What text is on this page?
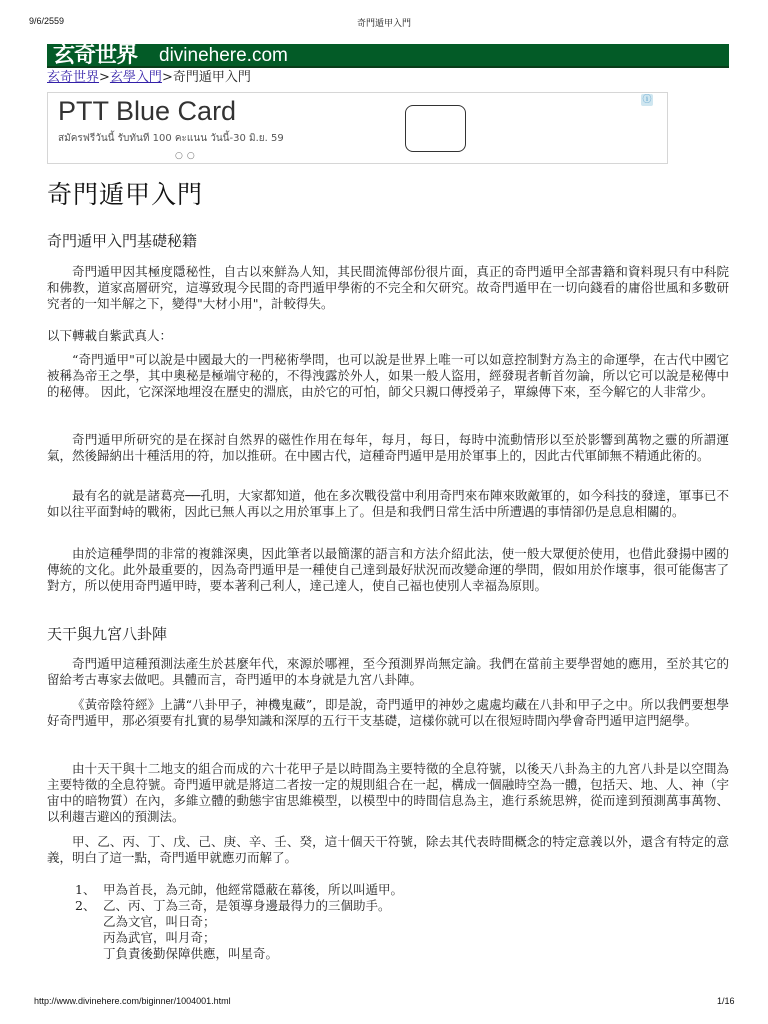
9/6/2559	奇門遁甲入門
玄奇世界 divinehere.com
玄奇世界>玄學入門>奇門遁甲入門
PTT Blue Card
สมัครฟรีวันนี้ รับทันที 100 คะแนน วันนี้-30 มิ.ย. 59
○○
ⓘ
奇門遁甲入門
奇門遁甲入門基礎秘籍

奇門遁甲因其極度隱秘性，自古以來鮮為人知，其民間流傳部份很片面，真正的奇門遁甲全部書籍和資料現只有中科院和佛教，道家高層研究，這導致現今民間的奇門遁甲學術的不完全和欠研究。故奇門遁甲在一切向錢看的庸俗世風和多數研究者的一知半解之下，變得"大材小用"，計較得失。

以下轉載自紫武真人：

“奇門遁甲"可以說是中國最大的一門秘術學問，也可以說是世界上唯一可以如意控制對方為主的命運學，在古代中國它被稱為帝王之學，其中奧秘是極端守秘的，不得洩露於外人，如果一般人盜用，經發現者斬首勿論，所以它可以說是秘傳中的秘傳。 因此，它深深地埋沒在歷史的淵底，由於它的可怕，師父只親口傳授弟子，單線傳下來，至今解它的人非常少。

奇門遁甲所研究的是在探討自然界的磁性作用在每年，每月，每日，每時中流動情形以至於影響到萬物之靈的所謂運氣，然後歸納出十種活用的符，加以推研。在中國古代，這種奇門遁甲是用於軍事上的，因此古代軍師無不精通此術的。

最有名的就是諸葛亮──孔明，大家都知道，他在多次戰役當中利用奇門來布陣來敗敵軍的，如今科技的發達，軍事已不如以往平面對峙的戰術，因此已無人再以之用於軍事上了。但是和我們日常生活中所遭遇的事情卻仍是息息相關的。

由於這種學問的非常的複雜深奧，因此筆者以最簡潔的語言和方法介紹此法，使一般大眾便於使用，也借此發揚中國的傳統的文化。此外最重要的，因為奇門遁甲是一種使自己達到最好狀況而改變命運的學問，假如用於作壞事，很可能傷害了對方，所以使用奇門遁甲時，要本著利己利人，達己達人，使自己福也使別人幸福為原則。

天干與九宮八卦陣

奇門遁甲這種預測法產生於甚麼年代，來源於哪裡，至今預測界尚無定論。我們在當前主要學習她的應用，至於其它的留給考古專家去做吧。具體而言，奇門遁甲的本身就是九宮八卦陣。

《黃帝陰符經》上講“八卦甲子，神機鬼藏”，即是說，奇門遁甲的神妙之處處均藏在八卦和甲子之中。所以我們要想學好奇門遁甲，那必須要有扎實的易學知識和深厚的五行干支基礎，這樣你就可以在很短時間內學會奇門遁甲這門絕學。

由十天干與十二地支的組合而成的六十花甲子是以時間為主要特徵的全息符號，以後天八卦為主的九宮八卦是以空間為主要特徵的全息符號。奇門遁甲就是將這二者按一定的規則組合在一起，構成一個融時空為一體，包括天、地、人、神（宇宙中的暗物質）在內，多維立體的動態宇宙思維模型，以模型中的時間信息為主，進行系統思辨，從而達到預測萬事萬物、以利趨吉避凶的預測法。

甲、乙、丙、丁、戊、己、庚、辛、壬、癸，這十個天干符號，除去其代表時間概念的特定意義以外，還含有特定的意義，明白了這一點，奇門遁甲就應刃而解了。

1、 甲為首長，為元帥，他經常隱蔽在幕後，所以叫遁甲。
2、 乙、丙、丁為三奇，是領導身邊最得力的三個助手。
乙為文官，叫日奇；
丙為武官，叫月奇；
丁負責後勤保障供應，叫星奇。
http://www.divinehere.com/biginner/1004001.html	1/16
